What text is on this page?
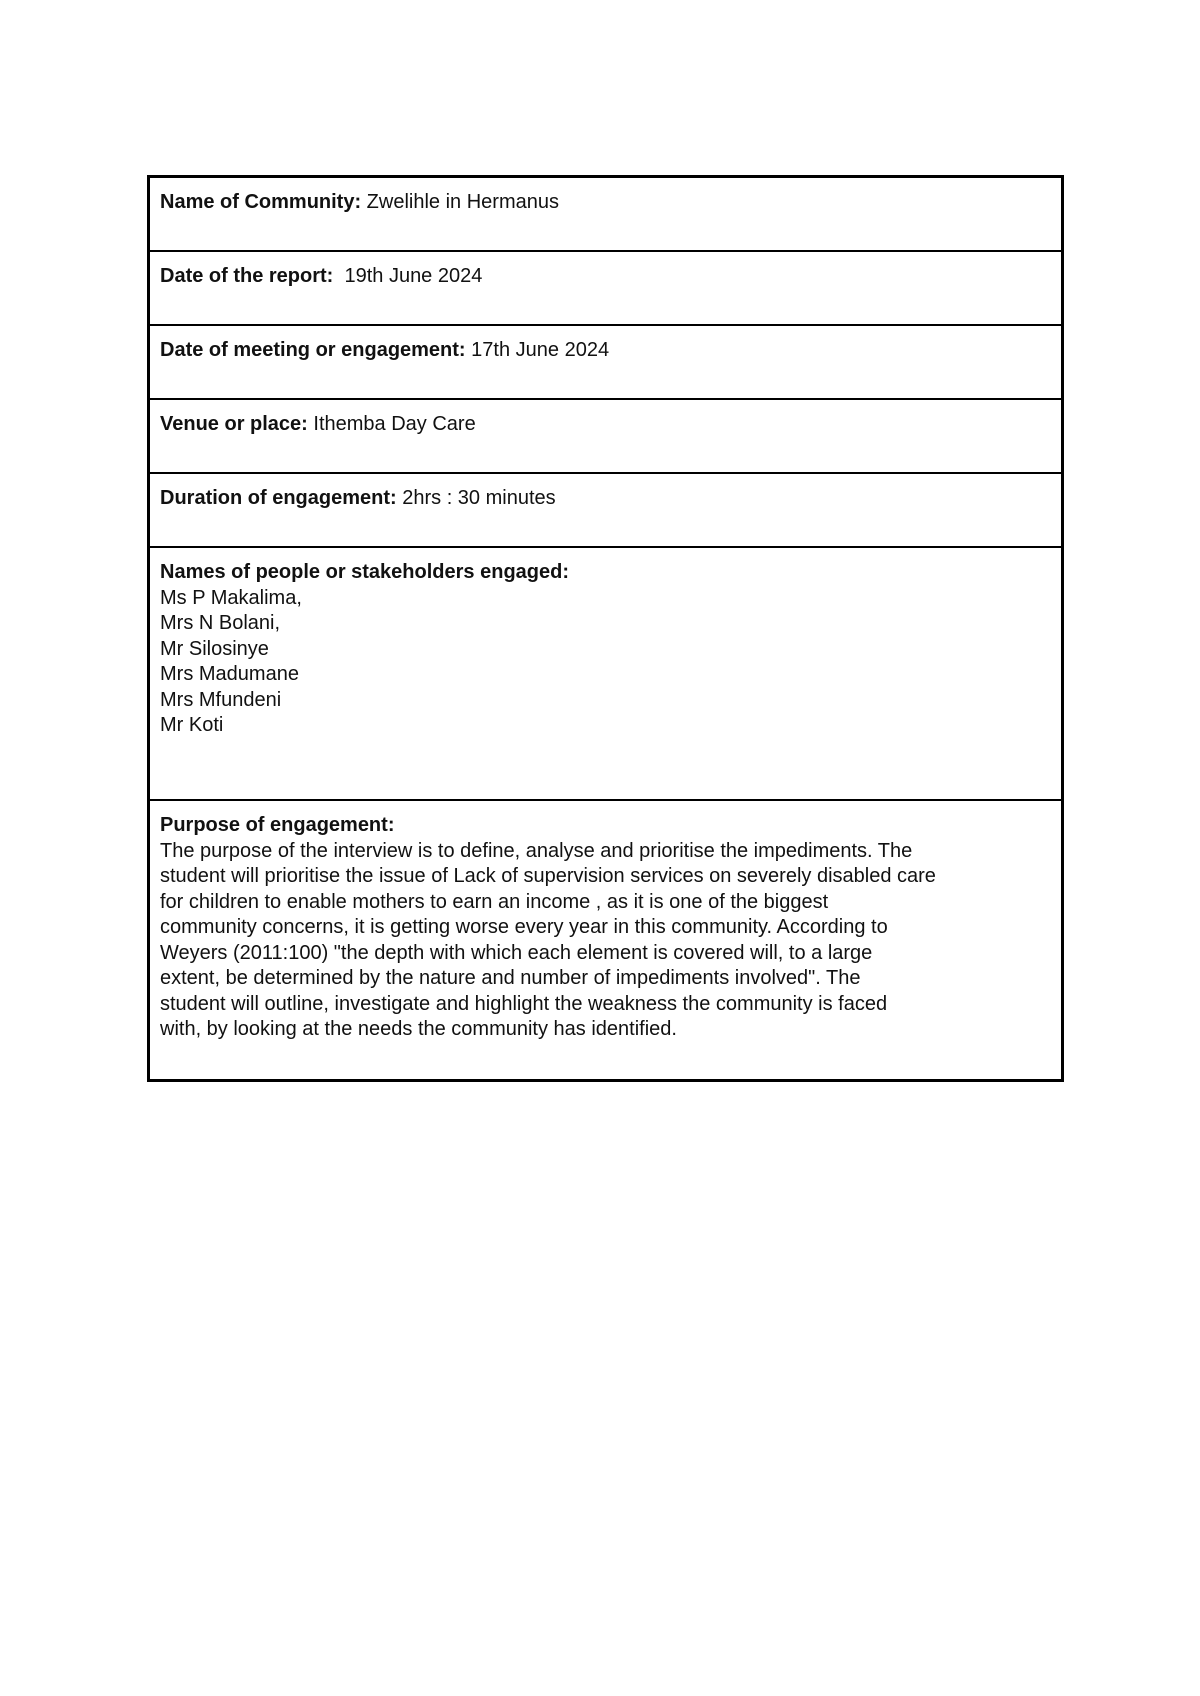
Name of Community: Zwelihle in Hermanus
Date of the report:  19th June 2024
Date of meeting or engagement: 17th June 2024
Venue or place: Ithemba Day Care
Duration of engagement: 2hrs : 30 minutes
Names of people or stakeholders engaged:
Ms P Makalima,
Mrs N Bolani,
Mr Silosinye
Mrs Madumane
Mrs Mfundeni
Mr Koti
Purpose of engagement:
The purpose of the interview is to define, analyse and prioritise the impediments. The
student will prioritise the issue of Lack of supervision services on severely disabled care
for children to enable mothers to earn an income , as it is one of the biggest
community concerns, it is getting worse every year in this community. According to
Weyers (2011:100) "the depth with which each element is covered will, to a large
extent, be determined by the nature and number of impediments involved". The
student will outline, investigate and highlight the weakness the community is faced
with, by looking at the needs the community has identified.
